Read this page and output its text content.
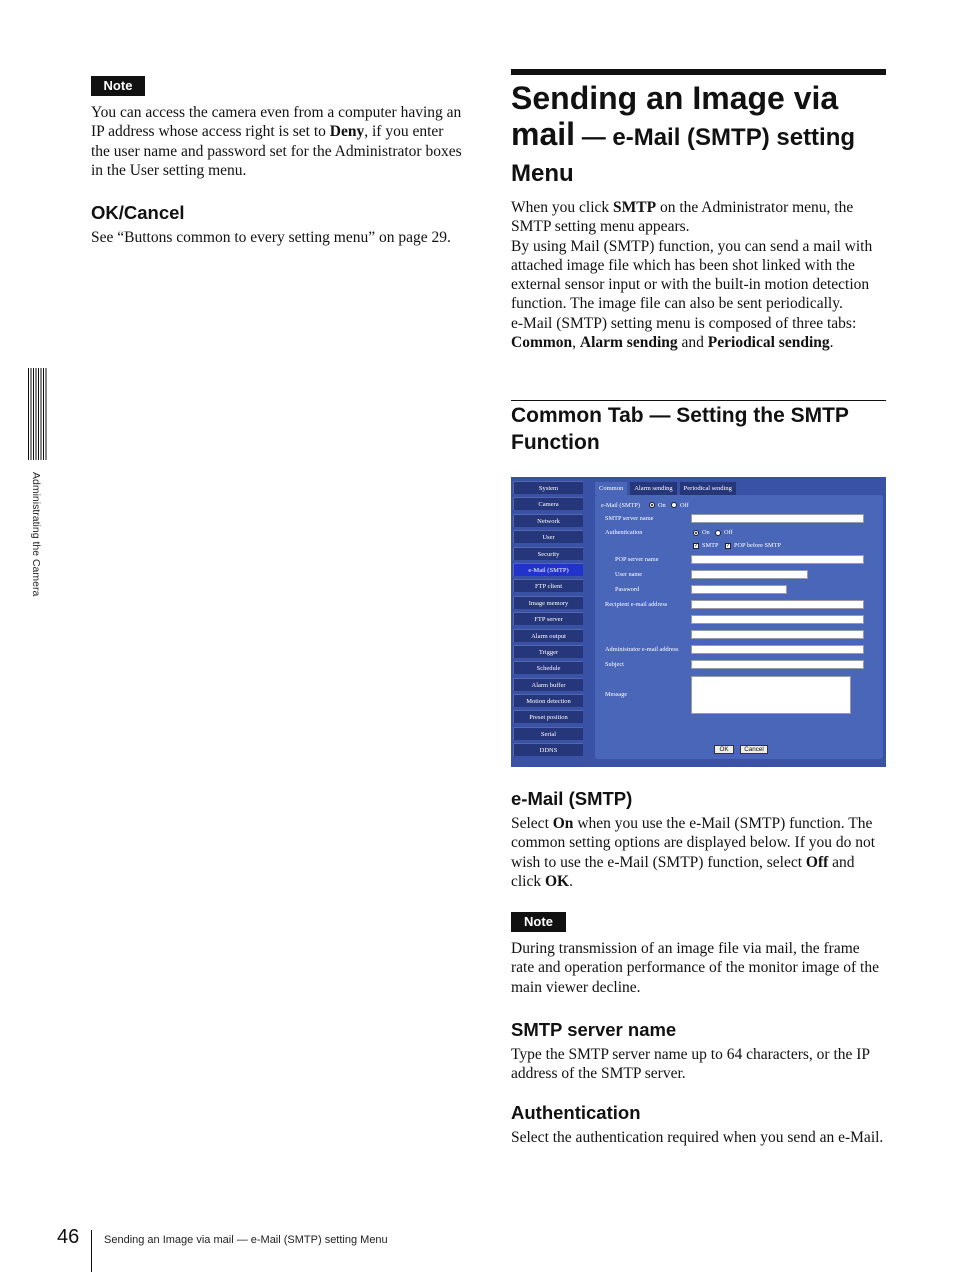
Administrating the Camera
Note
You can access the camera even from a computer having an IP address whose access right is set to Deny, if you enter the user name and password set for the Administrator boxes in the User setting menu.
OK/Cancel
See “Buttons common to every setting menu” on page 29.
Sending an Image via
mail — e-Mail (SMTP) setting
Menu
When you click SMTP on the Administrator menu, the SMTP setting menu appears.
By using Mail (SMTP) function, you can send a mail with attached image file which has been shot linked with the external sensor input or with the built-in motion detection function. The image file can also be sent periodically.
e-Mail (SMTP) setting menu is composed of three tabs: Common, Alarm sending and Periodical sending.
Common Tab — Setting the SMTP Function
System
Camera
Network
User
Security
e-Mail (SMTP)
FTP client
Image memory
FTP server
Alarm output
Trigger
Schedule
Alarm buffer
Motion detection
Preset position
Serial
DDNS
Common	Alarm sending	Periodical sending
e-Mail (SMTP)	On Off
SMTP server name
Authentication	On Off
✓ SMTP ✓ POP before SMTP
POP server name
User name
Password
Recipient e-mail address
Administrator e-mail address
Subject
Message
OK	Cancel
e-Mail (SMTP)
Select On when you use the e-Mail (SMTP) function. The common setting options are displayed below. If you do not wish to use the e-Mail (SMTP) function, select Off and click OK.
Note
During transmission of an image file via mail, the frame rate and operation performance of the monitor image of the main viewer decline.
SMTP server name
Type the SMTP server name up to 64 characters, or the IP address of the SMTP server.
Authentication
Select the authentication required when you send an e-Mail.
46 Sending an Image via mail — e-Mail (SMTP) setting Menu
